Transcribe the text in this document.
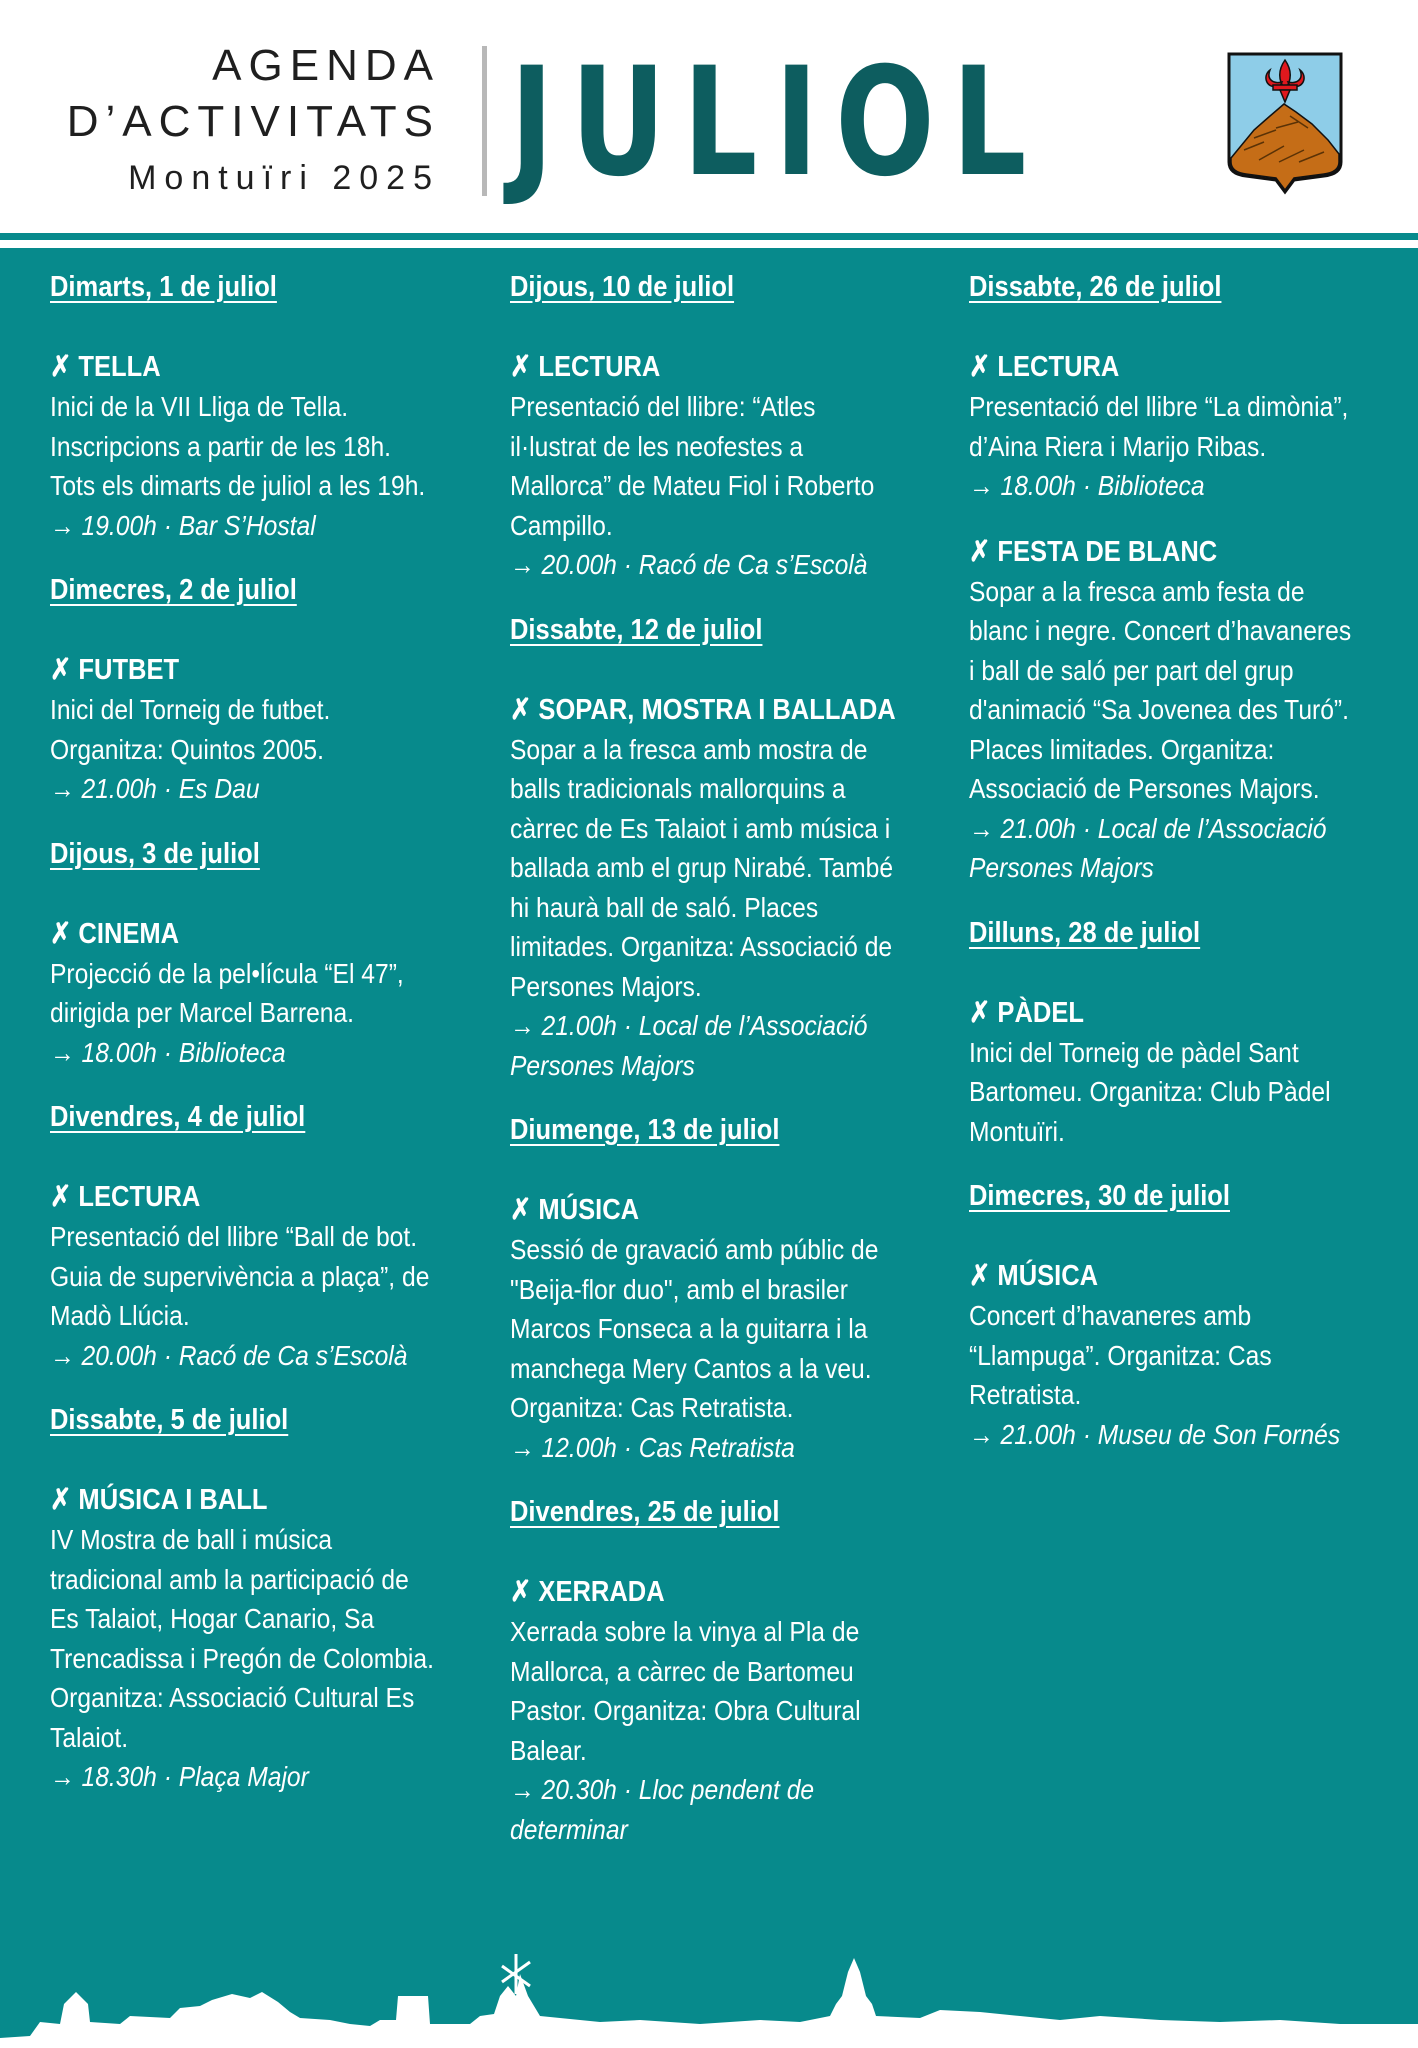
AGENDA
D’ACTIVITATS
Montuïri 2025 JULIOL
Dimarts, 1 de juliol
✗ TELLA
Inici de la VII Lliga de Tella.
Inscripcions a partir de les 18h.
Tots els dimarts de juliol a les 19h.
→ 19.00h · Bar S’Hostal
Dimecres, 2 de juliol
✗ FUTBET
Inici del Torneig de futbet.
Organitza: Quintos 2005.
→ 21.00h · Es Dau
Dijous, 3 de juliol
✗ CINEMA
Projecció de la pel•lícula “El 47”,
dirigida per Marcel Barrena.
→ 18.00h · Biblioteca
Divendres, 4 de juliol
✗ LECTURA
Presentació del llibre “Ball de bot.
Guia de supervivència a plaça”, de
Madò Llúcia.
→ 20.00h · Racó de Ca s’Escolà
Dissabte, 5 de juliol
✗ MÚSICA I BALL
IV Mostra de ball i música
tradicional amb la participació de
Es Talaiot, Hogar Canario, Sa
Trencadissa i Pregón de Colombia.
Organitza: Associació Cultural Es
Talaiot.
→ 18.30h · Plaça Major
Dijous, 10 de juliol
✗ LECTURA
Presentació del llibre: “Atles
il·lustrat de les neofestes a
Mallorca” de Mateu Fiol i Roberto
Campillo.
→ 20.00h · Racó de Ca s’Escolà
Dissabte, 12 de juliol
✗ SOPAR, MOSTRA I BALLADA
Sopar a la fresca amb mostra de
balls tradicionals mallorquins a
càrrec de Es Talaiot i amb música i
ballada amb el grup Nirabé. També
hi haurà ball de saló. Places
limitades. Organitza: Associació de
Persones Majors.
→ 21.00h · Local de l’Associació
Persones Majors
Diumenge, 13 de juliol
✗ MÚSICA
Sessió de gravació amb públic de
"Beija-flor duo", amb el brasiler
Marcos Fonseca a la guitarra i la
manchega Mery Cantos a la veu.
Organitza: Cas Retratista.
→ 12.00h · Cas Retratista
Divendres, 25 de juliol
✗ XERRADA
Xerrada sobre la vinya al Pla de
Mallorca, a càrrec de Bartomeu
Pastor. Organitza: Obra Cultural
Balear.
→ 20.30h · Lloc pendent de
determinar
Dissabte, 26 de juliol
✗ LECTURA
Presentació del llibre “La dimònia”,
d’Aina Riera i Marijo Ribas.
→ 18.00h · Biblioteca
✗ FESTA DE BLANC
Sopar a la fresca amb festa de
blanc i negre. Concert d’havaneres
i ball de saló per part del grup
d'animació “Sa Jovenea des Turó”.
Places limitades. Organitza:
Associació de Persones Majors.
→ 21.00h · Local de l’Associació
Persones Majors
Dilluns, 28 de juliol
✗ PÀDEL
Inici del Torneig de pàdel Sant
Bartomeu. Organitza: Club Pàdel
Montuïri.
Dimecres, 30 de juliol
✗ MÚSICA
Concert d’havaneres amb
“Llampuga”. Organitza: Cas
Retratista.
→ 21.00h · Museu de Son Fornés
